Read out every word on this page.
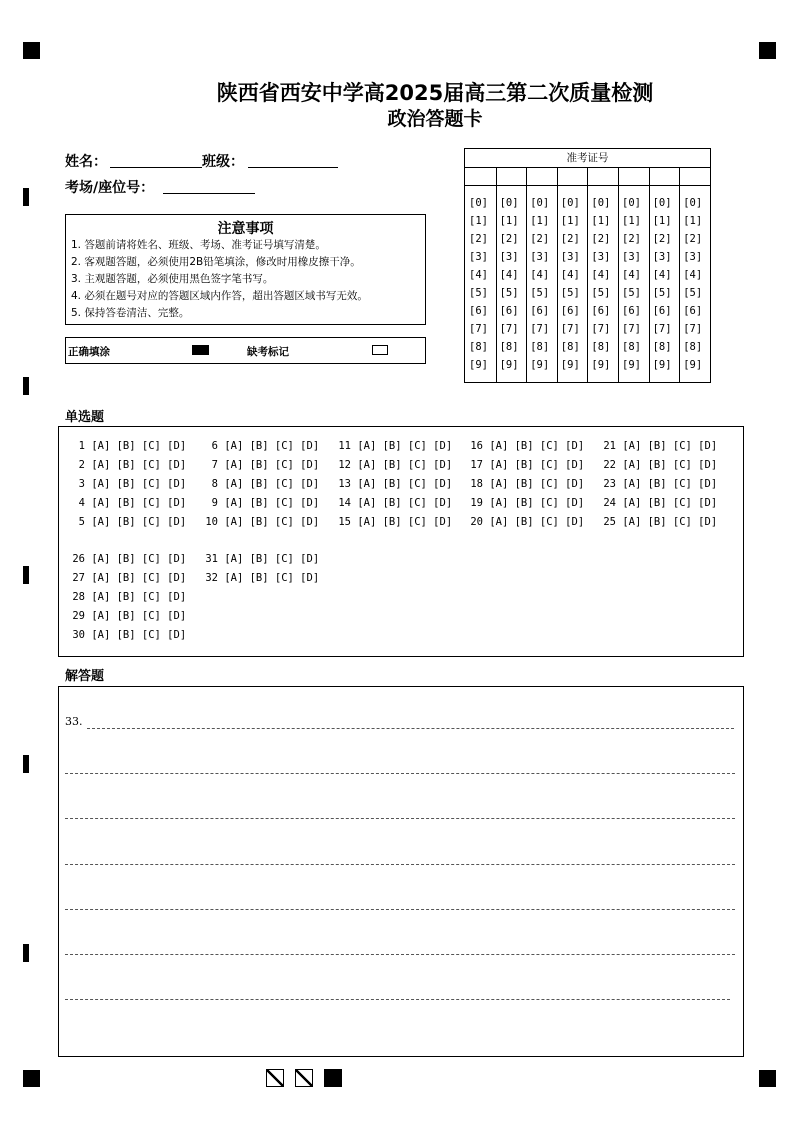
陕西省西安中学高2025届高三第二次质量检测
政治答题卡
姓名：	班级：
考场/座位号：
准考证号
[0]
[1]
[2]
[3]
[4]
[5]
[6]
[7]
[8]
[9]
[0]
[1]
[2]
[3]
[4]
[5]
[6]
[7]
[8]
[9]
[0]
[1]
[2]
[3]
[4]
[5]
[6]
[7]
[8]
[9]
[0]
[1]
[2]
[3]
[4]
[5]
[6]
[7]
[8]
[9]
[0]
[1]
[2]
[3]
[4]
[5]
[6]
[7]
[8]
[9]
[0]
[1]
[2]
[3]
[4]
[5]
[6]
[7]
[8]
[9]
[0]
[1]
[2]
[3]
[4]
[5]
[6]
[7]
[8]
[9]
[0]
[1]
[2]
[3]
[4]
[5]
[6]
[7]
[8]
[9]
注意事项
1. 答题前请将姓名、班级、考场、准考证号填写清楚。
2. 客观题答题，必须使用2B铅笔填涂，修改时用橡皮擦干净。
3. 主观题答题，必须使用黑色签字笔书写。
4. 必须在题号对应的答题区域内作答，超出答题区域书写无效。
5. 保持答卷清洁、完整。
正确填涂	缺考标记
单选题
1 [A] [B] [C] [D]
2 [A] [B] [C] [D]
3 [A] [B] [C] [D]
4 [A] [B] [C] [D]
5 [A] [B] [C] [D]
6 [A] [B] [C] [D]
7 [A] [B] [C] [D]
8 [A] [B] [C] [D]
9 [A] [B] [C] [D]
10 [A] [B] [C] [D]
11 [A] [B] [C] [D]
12 [A] [B] [C] [D]
13 [A] [B] [C] [D]
14 [A] [B] [C] [D]
15 [A] [B] [C] [D]
16 [A] [B] [C] [D]
17 [A] [B] [C] [D]
18 [A] [B] [C] [D]
19 [A] [B] [C] [D]
20 [A] [B] [C] [D]
21 [A] [B] [C] [D]
22 [A] [B] [C] [D]
23 [A] [B] [C] [D]
24 [A] [B] [C] [D]
25 [A] [B] [C] [D]
26 [A] [B] [C] [D]
27 [A] [B] [C] [D]
28 [A] [B] [C] [D]
29 [A] [B] [C] [D]
30 [A] [B] [C] [D]
31 [A] [B] [C] [D]
32 [A] [B] [C] [D]
解答题
33.
